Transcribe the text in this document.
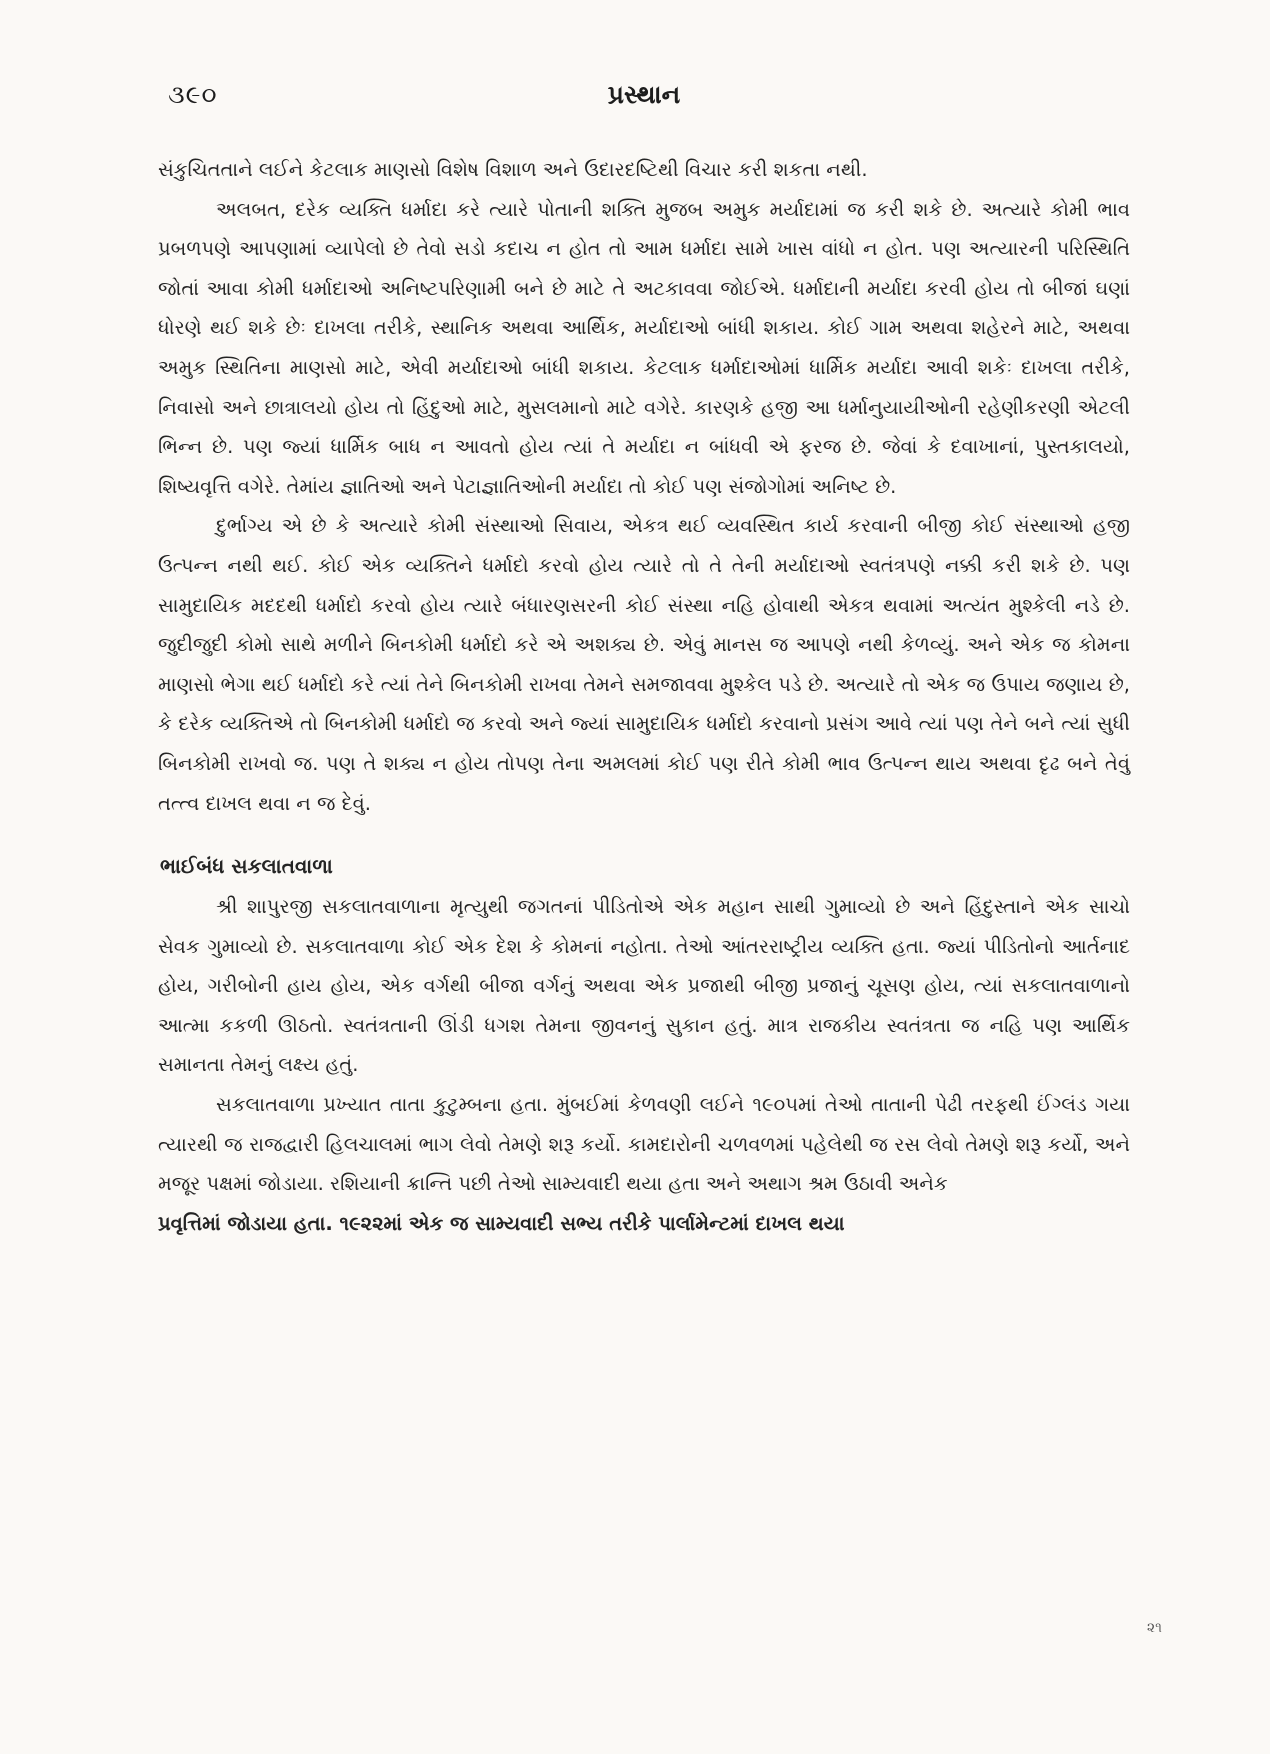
૩૯૦	પ્રસ્થાન

સંકુચિતતાને લઈને કેટલાક માણસો વિશેષ વિશાળ અને ઉદારદષ્ટિથી વિચાર કરી શકતા નથી.

અલબત, દરેક વ્યક્તિ ધર્માદા કરે ત્યારે પોતાની શક્તિ મુજબ અમુક મર્યાદામાં જ કરી શકે છે. અત્યારે કોમી ભાવ પ્રબળપણે આપણામાં વ્યાપેલો છે તેવો સડો કદાચ ન હોત તો આમ ધર્માદા સામે ખાસ વાંધો ન હોત. પણ અત્યારની પરિસ્થિતિ જોતાં આવા કોમી ધર્માદાઓ અનિષ્ટપરિણામી બને છે માટે તે અટકાવવા જોઈએ. ધર્માદાની મર્યાદા કરવી હોય તો બીજાં ઘણાં ધોરણે થઈ શકે છેઃ દાખલા તરીકે, સ્થાનિક અથવા આર્થિક, મર્યાદાઓ બાંધી શકાય. કોઈ ગામ અથવા શહેરને માટે, અથવા અમુક સ્થિતિના માણસો માટે, એવી મર્યાદાઓ બાંધી શકાય. કેટલાક ધર્માદાઓમાં ધાર્મિક મર્યાદા આવી શકેઃ દાખલા તરીકે, નિવાસો અને છાત્રાલયો હોય તો હિંદુઓ માટે, મુસલમાનો માટે વગેરે. કારણકે હજી આ ધર્માનુયાયીઓની રહેણીકરણી એટલી ભિન્ન છે. પણ જ્યાં ધાર્મિક બાધ ન આવતો હોય ત્યાં તે મર્યાદા ન બાંધવી એ ફરજ છે. જેવાં કે દવાખાનાં, પુસ્તકાલયો, શિષ્યવૃત્તિ વગેરે. તેમાંય જ્ઞાતિઓ અને પેટાજ્ઞાતિઓની મર્યાદા તો કોઈ પણ સંજોગોમાં અનિષ્ટ છે.

દુર્ભાગ્ય એ છે કે અત્યારે કોમી સંસ્થાઓ સિવાય, એકત્ર થઈ વ્યવસ્થિત કાર્ય કરવાની બીજી કોઈ સંસ્થાઓ હજી ઉત્પન્ન નથી થઈ. કોઈ એક વ્યક્તિને ધર્માદો કરવો હોય ત્યારે તો તે તેની મર્યાદાઓ સ્વતંત્રપણે નક્કી કરી શકે છે. પણ સામુદાયિક મદદથી ધર્માદો કરવો હોય ત્યારે બંધારણસરની કોઈ સંસ્થા નહિ હોવાથી એકત્ર થવામાં અત્યંત મુશ્કેલી નડે છે. જુદીજુદી કોમો સાથે મળીને બિનકોમી ધર્માદો કરે એ અશક્ય છે. એવું માનસ જ આપણે નથી કેળવ્યું. અને એક જ કોમના માણસો ભેગા થઈ ધર્માદો કરે ત્યાં તેને બિનકોમી રાખવા તેમને સમજાવવા મુશ્કેલ પડે છે. અત્યારે તો એક જ ઉપાય જણાય છે, કે દરેક વ્યક્તિએ તો બિનકોમી ધર્માદો જ કરવો અને જ્યાં સામુદાયિક ધર્માદો કરવાનો પ્રસંગ આવે ત્યાં પણ તેને બને ત્યાં સુધી બિનકોમી રાખવો જ. પણ તે શક્ય ન હોય તોપણ તેના અમલમાં કોઈ પણ રીતે કોમી ભાવ ઉત્પન્ન થાય અથવા દૃઢ બને તેવું તત્ત્વ દાખલ થવા ન જ દેવું.

ભાઈબંધ સકલાતવાળા

શ્રી શાપુરજી સકલાતવાળાના મૃત્યુથી જગતનાં પીડિતોએ એક મહાન સાથી ગુમાવ્યો છે અને હિંદુસ્તાને એક સાચો સેવક ગુમાવ્યો છે. સકલાતવાળા કોઈ એક દેશ કે કોમનાં નહોતા. તેઓ આંતરરાષ્ટ્રીય વ્યક્તિ હતા. જ્યાં પીડિતોનો આર્તનાદ હોય, ગરીબોની હાય હોય, એક વર્ગથી બીજા વર્ગનું અથવા એક પ્રજાથી બીજી પ્રજાનું ચૂસણ હોય, ત્યાં સકલાતવાળાનો આત્મા કકળી ઊઠતો. સ્વતંત્રતાની ઊંડી ધગશ તેમના જીવનનું સુકાન હતું. માત્ર રાજકીય સ્વતંત્રતા જ નહિ પણ આર્થિક સમાનતા તેમનું લક્ષ્ય હતું.

સકલાતવાળા પ્રખ્યાત તાતા કુટુમ્બના હતા. મુંબઈમાં કેળવણી લઈને ૧૯૦૫માં તેઓ તાતાની પેઢી તરફથી ઈંગ્લંડ ગયા ત્યારથી જ રાજદ્વારી હિલચાલમાં ભાગ લેવો તેમણે શરૂ કર્યો. કામદારોની ચળવળમાં પહેલેથી જ રસ લેવો તેમણે શરૂ કર્યો, અને મજૂર પક્ષમાં જોડાયા. રશિયાની ક્રાન્તિ પછી તેઓ સામ્યવાદી થયા હતા અને અથાગ શ્રમ ઉઠાવી અનેક

પ્રવૃત્તિમાં જોડાયા હતા. ૧૯૨૨માં એક જ સામ્યવાદી સભ્ય તરીકે પાર્લામેન્ટમાં દાખલ થયા

૨૧
